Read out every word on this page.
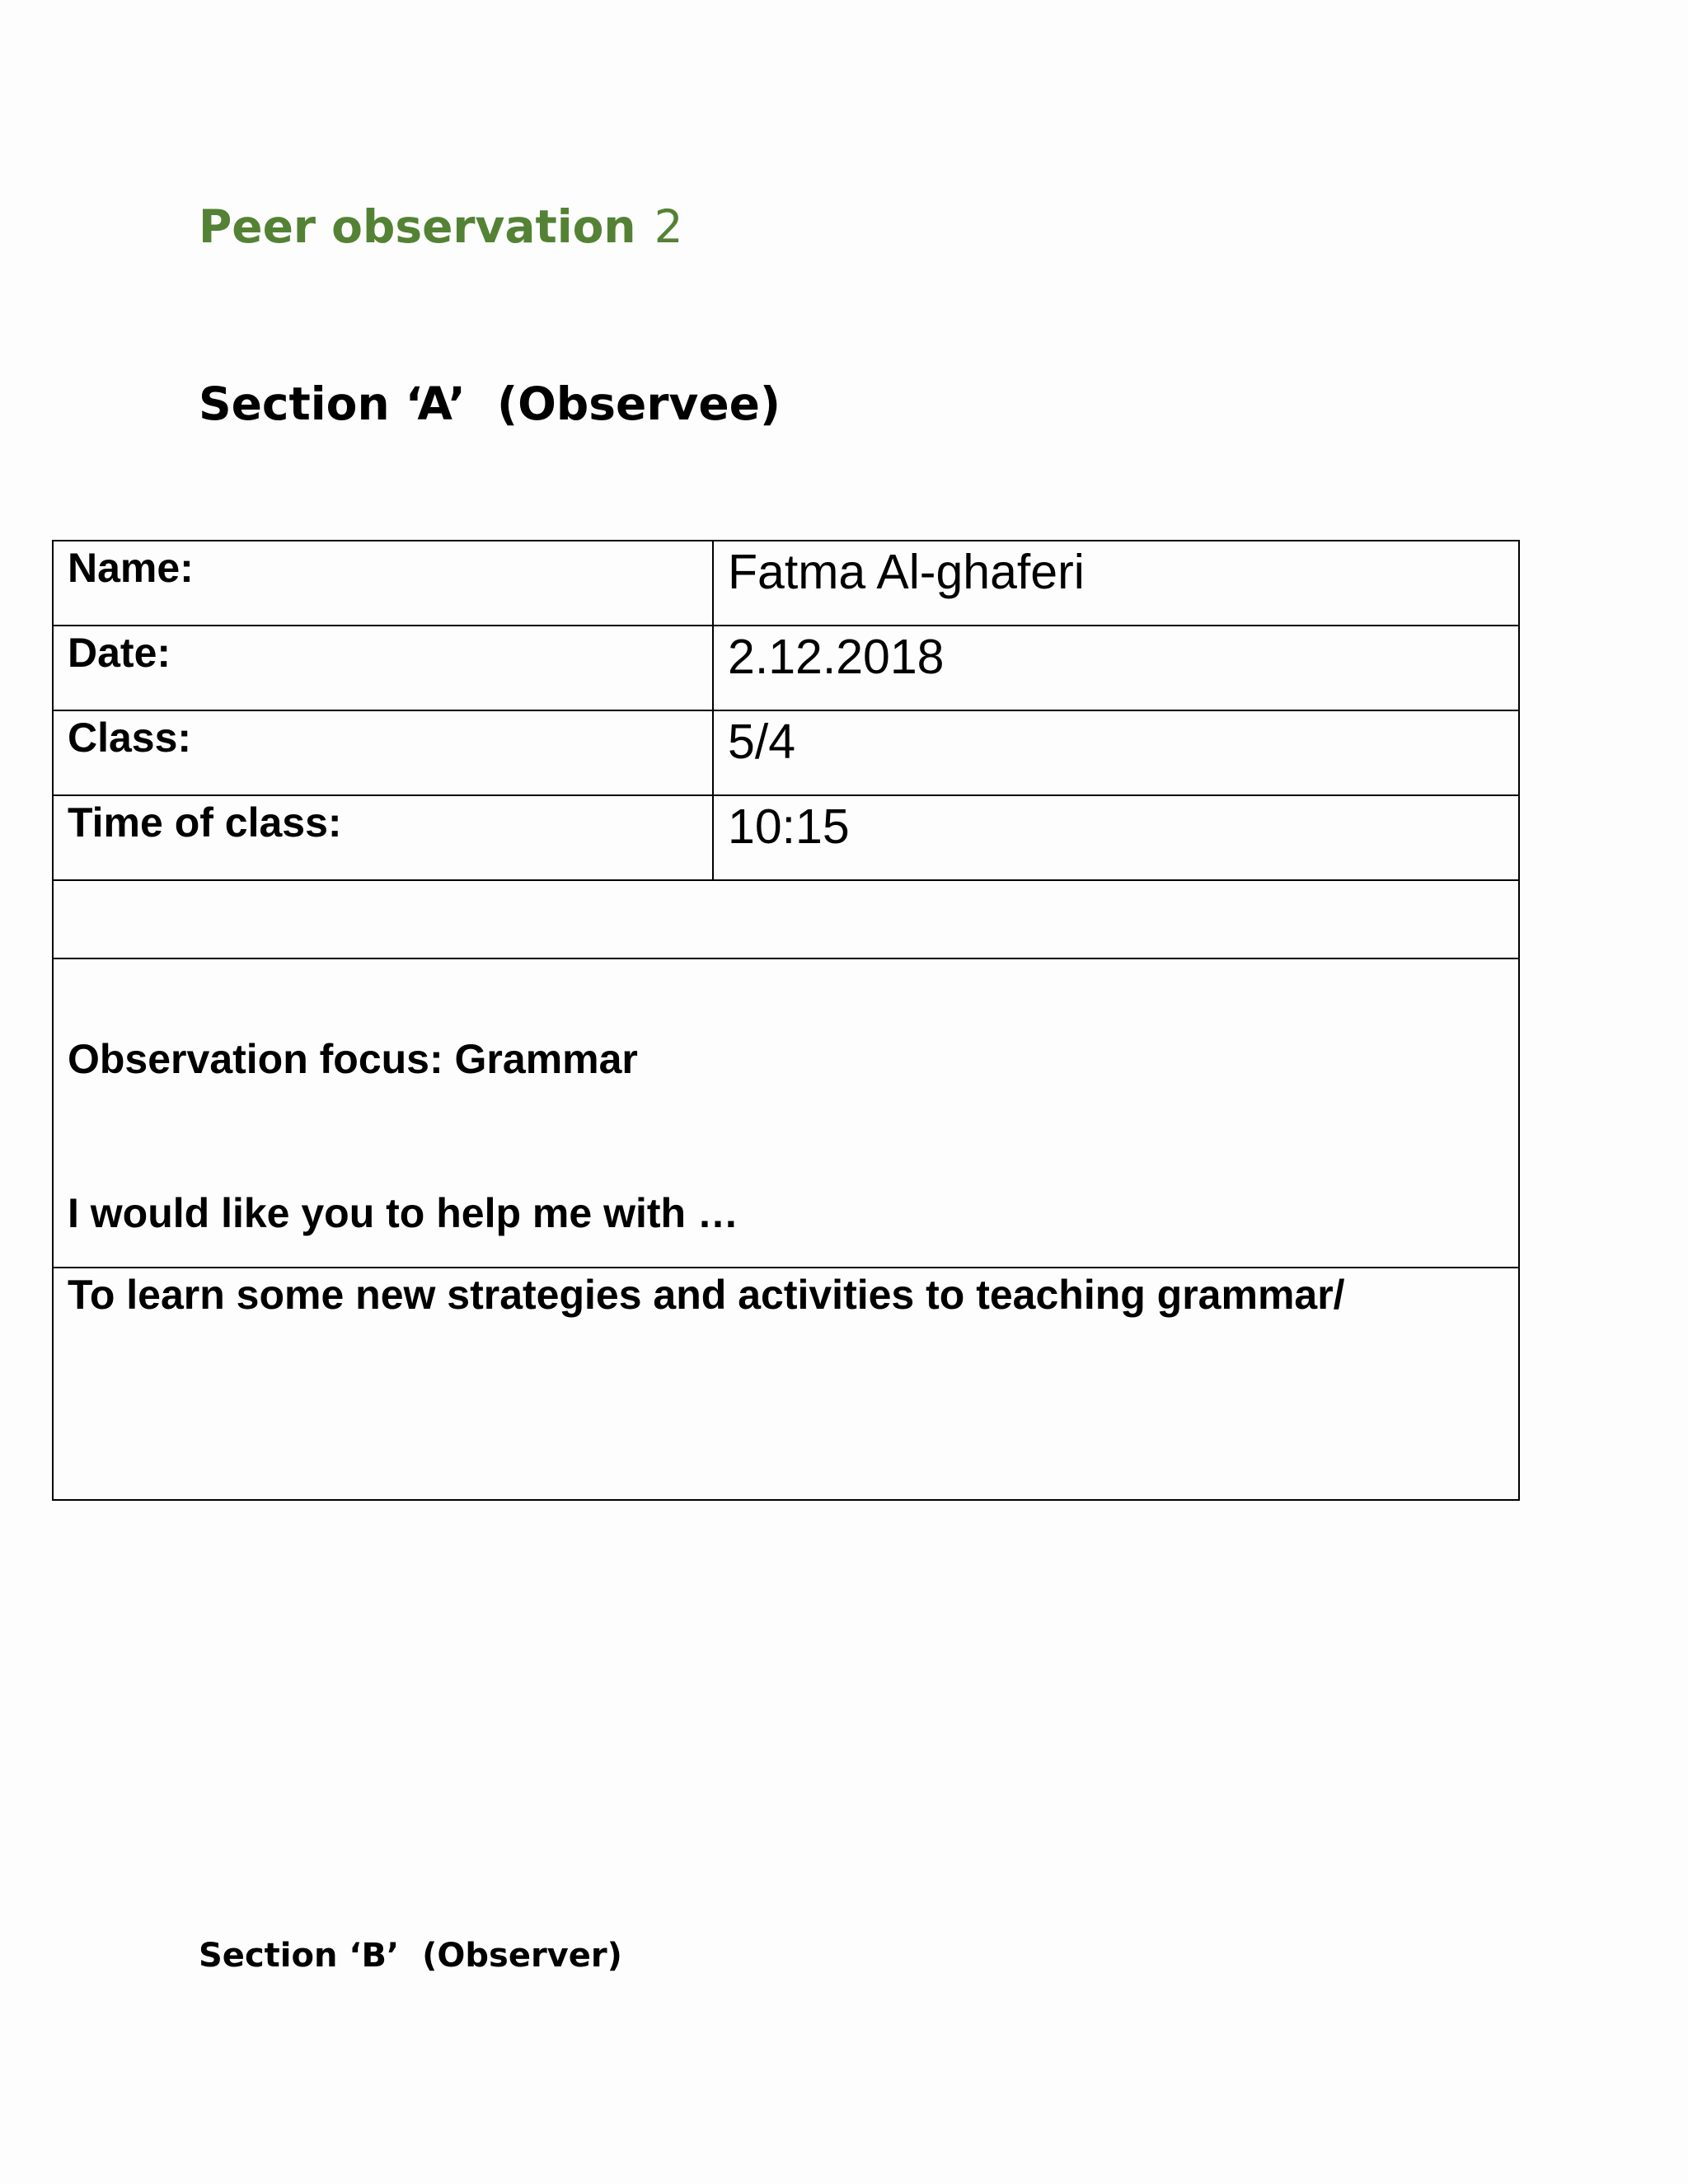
Peer observation 2
Section ‘A’  (Observee)
Name:	Fatma Al-ghaferi
Date:	2.12.2018
Class:	5/4
Time of class:	10:15

Observation focus: Grammar
I would like you to help me with …	

To learn some new strategies and activities to teaching grammar/	
Section ‘B’  (Observer)
